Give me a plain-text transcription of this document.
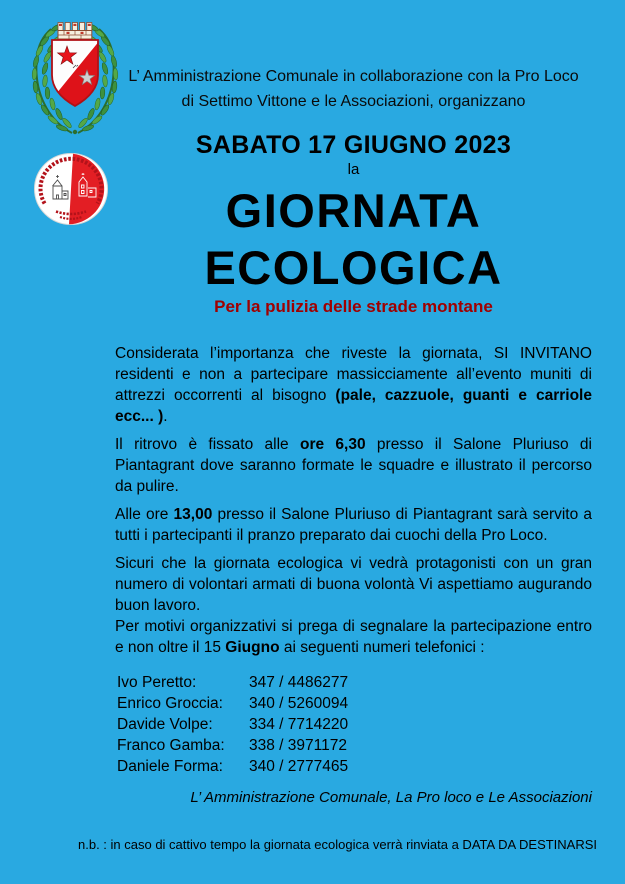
L’ Amministrazione Comunale in collaborazione con la Pro Loco
di Settimo Vittone e le Associazioni, organizzano
SABATO 17 GIUGNO 2023
la
GIORNATA
ECOLOGICA
Per la pulizia delle strade montane

Considerata l’importanza che riveste la giornata, SI INVITANO residenti e non a partecipare massicciamente all’evento muniti di attrezzi occorrenti al bisogno (pale, cazzuole, guanti e carriole ecc... ).

Il ritrovo è fissato alle ore 6,30 presso il Salone Pluriuso di Piantagrant dove saranno formate le squadre e illustrato il percorso da pulire.

Alle ore 13,00 presso il Salone Pluriuso di Piantagrant sarà servito a tutti i partecipanti il pranzo preparato dai cuochi della Pro Loco.

Sicuri che la giornata ecologica vi vedrà protagonisti con un gran numero di volontari armati di buona volontà Vi aspettiamo augurando buon lavoro.

Per motivi organizzativi si prega di segnalare la partecipazione entro e non oltre il 15 Giugno ai seguenti numeri telefonici :

Ivo Peretto:	347 / 4486277
Enrico Groccia:	340 / 5260094
Davide Volpe:	334 / 7714220
Franco Gamba:	338 / 3971172
Daniele Forma:	340 / 2777465
L’ Amministrazione Comunale, La Pro loco e Le Associazioni
n.b. : in caso di cattivo tempo la giornata ecologica verrà rinviata a DATA DA DESTINARSI
